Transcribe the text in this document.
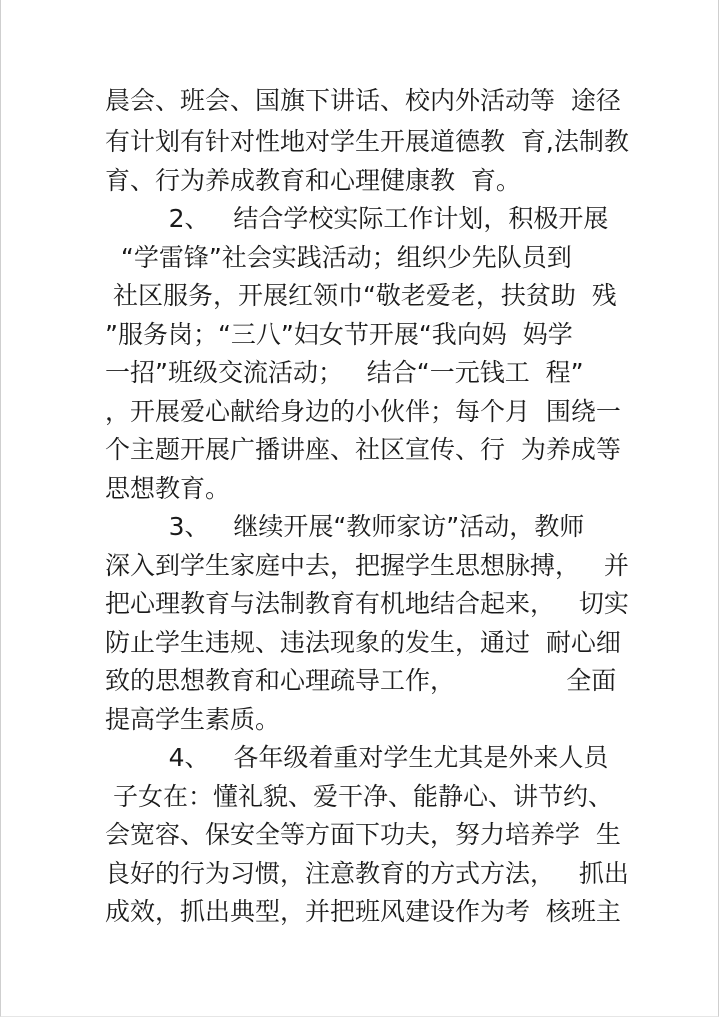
晨会、班会、国旗下讲话、校内外活动等  途径
有计划有针对性地对学生开展道德教  育,法制教
育、行为养成教育和心理健康教  育。
2、   结合学校实际工作计划，积极开展
“学雷锋”社会实践活动；组织少先队员到
社区服务，开展红领巾“敬老爱老，扶贫助  残
”服务岗；“三八”妇女节开展“我向妈  妈学
一招”班级交流活动；   结合“一元钱工  程”
，开展爱心献给身边的小伙伴；每个月  围绕一
个主题开展广播讲座、社区宣传、行  为养成等
思想教育。
3、   继续开展“教师家访”活动，教师
深入到学生家庭中去，把握学生思想脉搏，   并
把心理教育与法制教育有机地结合起来，   切实
防止学生违规、违法现象的发生，通过  耐心细
致的思想教育和心理疏导工作，              全面
提高学生素质。
4、   各年级着重对学生尤其是外来人员
子女在：懂礼貌、爱干净、能静心、讲节约、
会宽容、保安全等方面下功夫，努力培养学  生
良好的行为习惯，注意教育的方式方法，   抓出
成效，抓出典型，并把班风建设作为考  核班主
